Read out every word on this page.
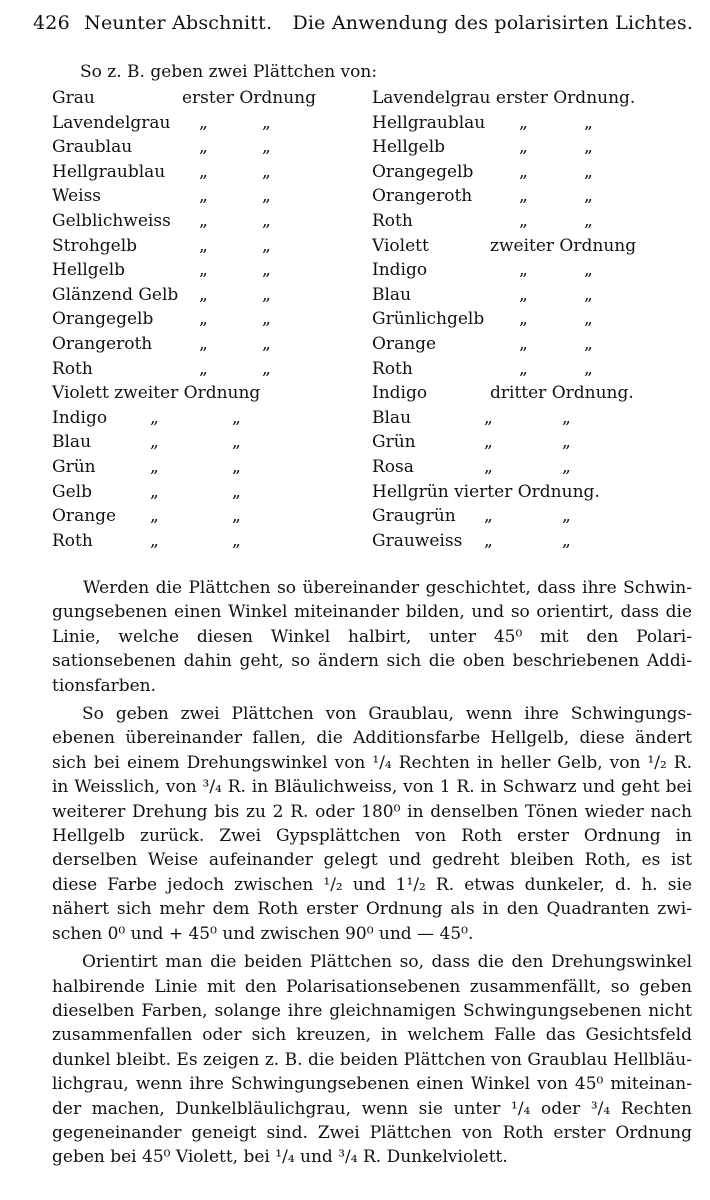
426 Neunter Abschnitt. Die Anwendung des polarisirten Lichtes.
So z. B. geben zwei Plättchen von:
Grau	erster Ordnung
Lavendelgrau „	„
Graublau	„	„
Hellgraublau „	„
Weiss	„	„
Gelblichweiss „	„
Strohgelb	„	„
Hellgelb	„	„
Glänzend Gelb „	„
Orangegelb	„	„
Orangeroth	„	„
Roth	„	„
Violett zweiter Ordnung
Indigo	„	„
Blau	„	„
Grün	„	„
Gelb	„	„
Orange „	„
Roth	„	„
Lavendelgrau erster Ordnung.
Hellgraublau „	„
Hellgelb	„	„
Orangegelb	„	„
Orangeroth	„	„
Roth	„	„
Violett	zweiter Ordnung
Indigo	„	„
Blau	„	„
Grünlichgelb „	„
Orange	„	„
Roth	„	„
Indigo	dritter Ordnung.
Blau	„	„
Grün	„	„
Rosa	„	„
Hellgrün vierter Ordnung.
Graugrün „	„
Grauweiss „	„

Werden die Plättchen so übereinander geschichtet, dass ihre Schwingungsebenen einen Winkel miteinander bilden, und so orientirt, dass die Linie, welche diesen Winkel halbirt, unter 45⁰ mit den Polarisationsebenen dahin geht, so ändern sich die oben beschriebenen Additionsfarben.

So geben zwei Plättchen von Graublau, wenn ihre Schwingungsebenen übereinander fallen, die Additionsfarbe Hellgelb, diese ändert sich bei einem Drehungswinkel von ¹/₄ Rechten in heller Gelb, von ¹/₂ R. in Weisslich, von ³/₄ R. in Bläulichweiss, von 1 R. in Schwarz und geht bei weiterer Drehung bis zu 2 R. oder 180⁰ in denselben Tönen wieder nach Hellgelb zurück. Zwei Gypsplättchen von Roth erster Ordnung in derselben Weise aufeinander gelegt und gedreht bleiben Roth, es ist diese Farbe jedoch zwischen ¹/₂ und 1¹/₂ R. etwas dunkeler, d. h. sie nähert sich mehr dem Roth erster Ordnung als in den Quadranten zwischen 0⁰ und + 45⁰ und zwischen 90⁰ und — 45⁰.

Orientirt man die beiden Plättchen so, dass die den Drehungswinkel halbirende Linie mit den Polarisationsebenen zusammenfällt, so geben dieselben Farben, solange ihre gleichnamigen Schwingungsebenen nicht zusammenfallen oder sich kreuzen, in welchem Falle das Gesichtsfeld dunkel bleibt. Es zeigen z. B. die beiden Plättchen von Graublau Hellbläulichgrau, wenn ihre Schwingungsebenen einen Winkel von 45⁰ miteinander machen, Dunkelbläulichgrau, wenn sie unter ¹/₄ oder ³/₄ Rechten gegeneinander geneigt sind. Zwei Plättchen von Roth erster Ordnung geben bei 45⁰ Violett, bei ¹/₄ und ³/₄ R. Dunkelviolett.
